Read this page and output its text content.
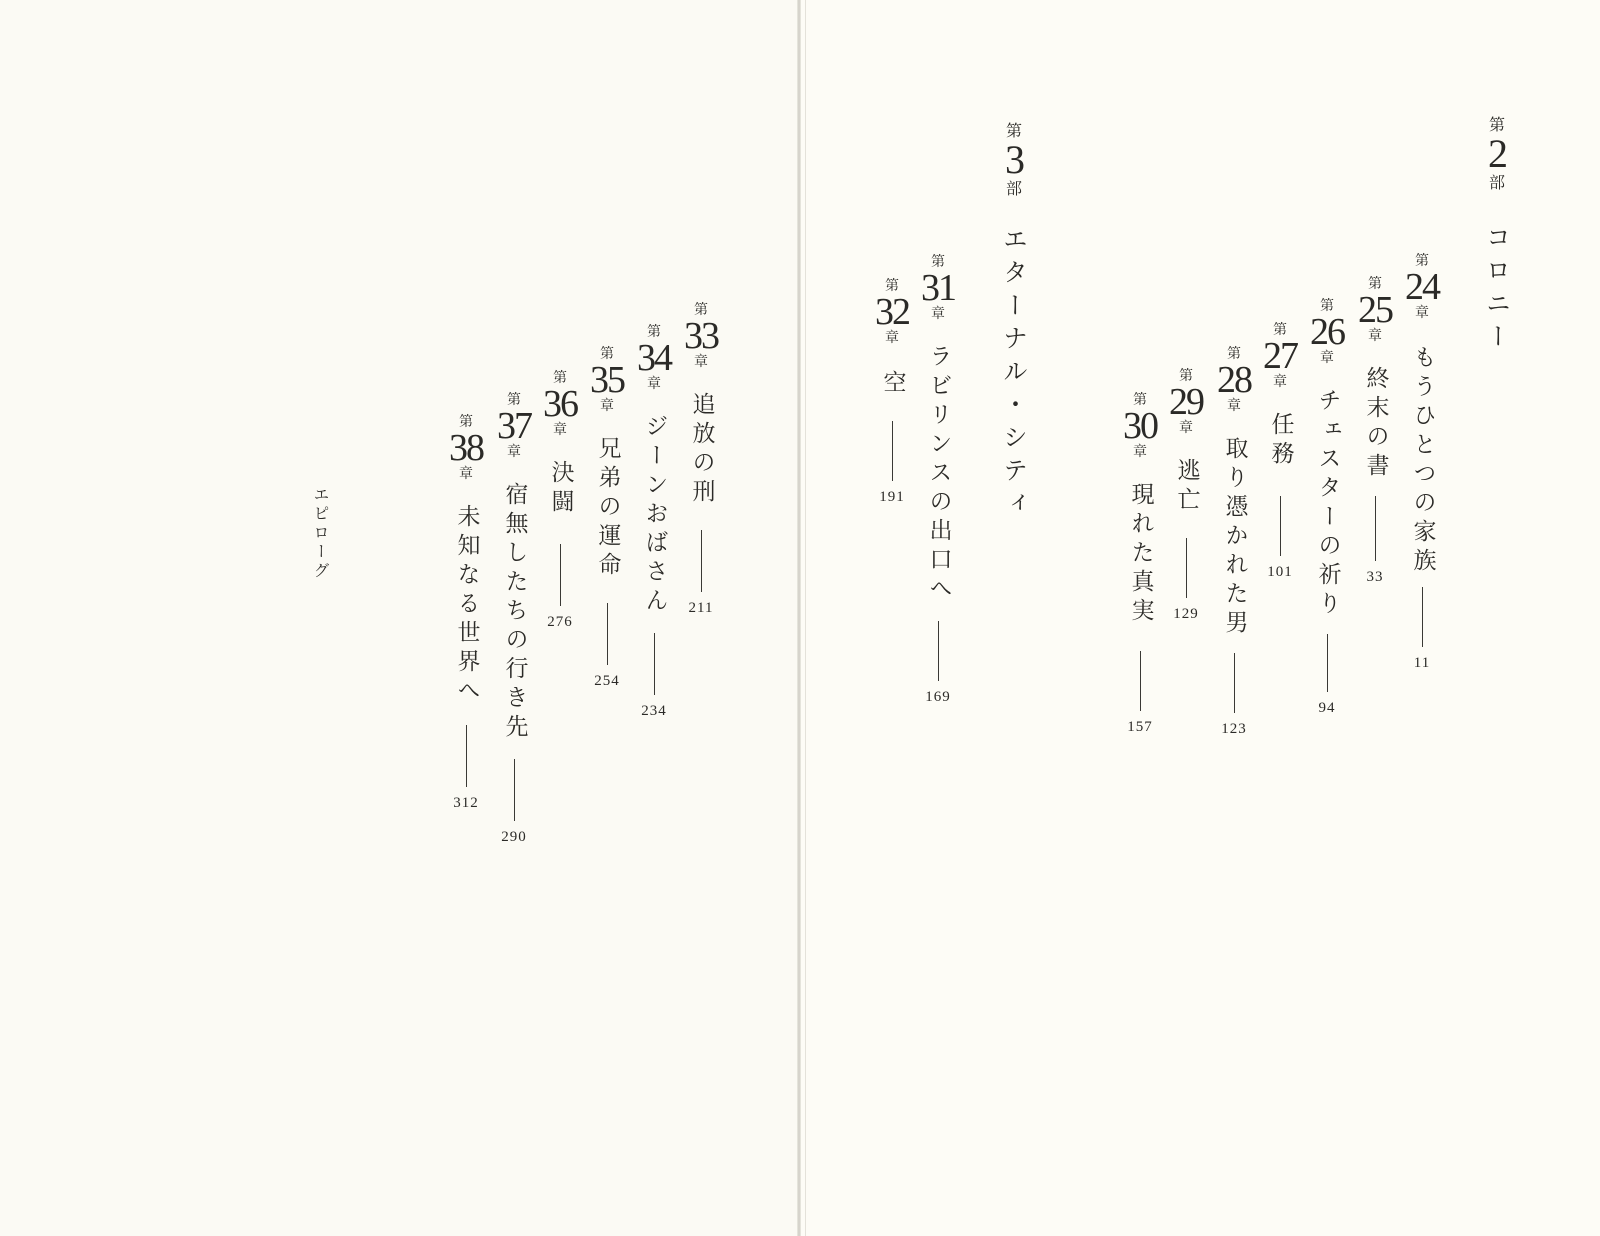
第
2
部
コロニー
第
24
章
もうひとつの家族
11
第
25
章
終末の書
33
第
26
章
チェスターの祈り
94
第
27
章
任務
101
第
28
章
取り憑かれた男
123
第
29
章
逃亡
129
第
30
章
現れた真実
157
第
3
部
エターナル・シティ
第
31
章
ラビリンスの出口へ
169
第
32
章
空
191
第
33
章
追放の刑
211
第
34
章
ジーンおばさん
234
第
35
章
兄弟の運命
254
第
36
章
決闘
276
第
37
章
宿無したちの行き先
290
第
38
章
未知なる世界へ
312
エピローグ
